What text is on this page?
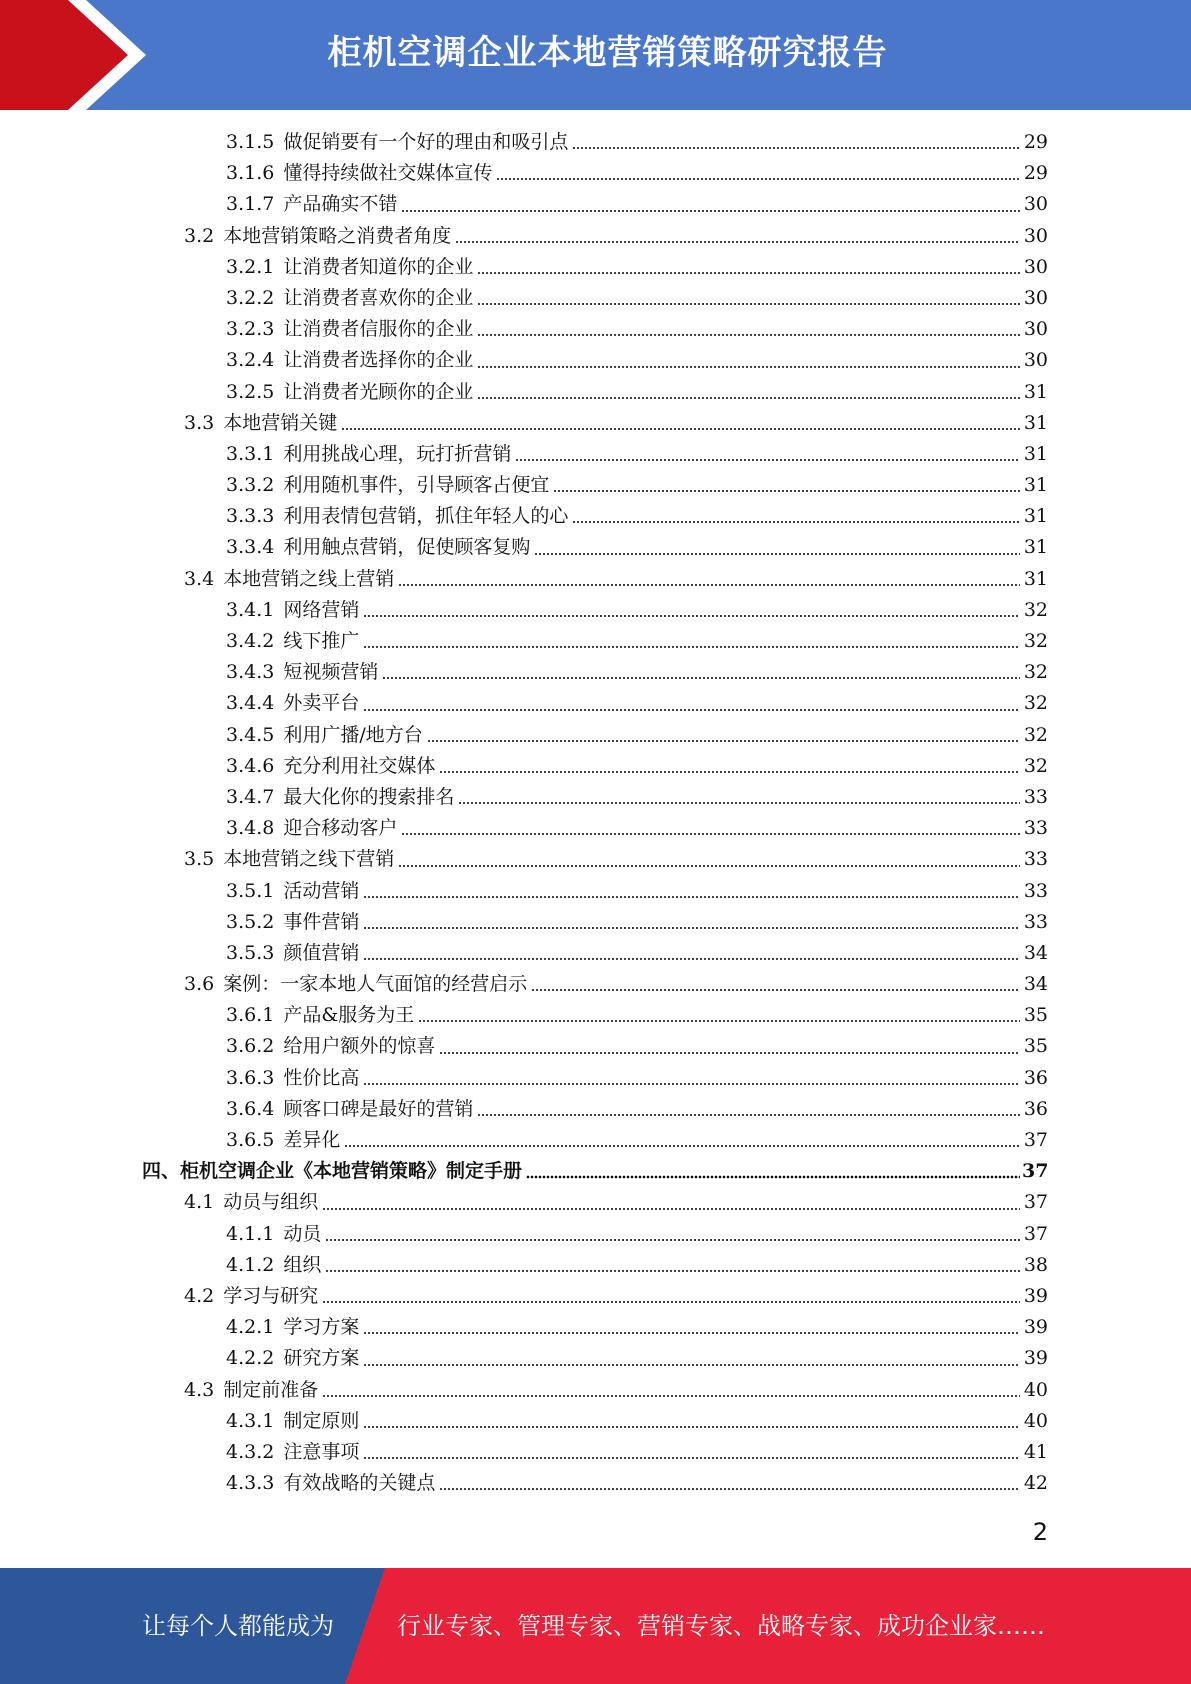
柜机空调企业本地营销策略研究报告
3.1.5 做促销要有一个好的理由和吸引点	29
3.1.6 懂得持续做社交媒体宣传	29
3.1.7 产品确实不错	30
3.2 本地营销策略之消费者角度	30
3.2.1 让消费者知道你的企业	30
3.2.2 让消费者喜欢你的企业	30
3.2.3 让消费者信服你的企业	30
3.2.4 让消费者选择你的企业	30
3.2.5 让消费者光顾你的企业	31
3.3 本地营销关键	31
3.3.1 利用挑战心理，玩打折营销	31
3.3.2 利用随机事件，引导顾客占便宜	31
3.3.3 利用表情包营销，抓住年轻人的心	31
3.3.4 利用触点营销，促使顾客复购	31
3.4 本地营销之线上营销	31
3.4.1 网络营销	32
3.4.2 线下推广	32
3.4.3 短视频营销	32
3.4.4 外卖平台	32
3.4.5 利用广播/地方台	32
3.4.6 充分利用社交媒体	32
3.4.7 最大化你的搜索排名	33
3.4.8 迎合移动客户	33
3.5 本地营销之线下营销	33
3.5.1 活动营销	33
3.5.2 事件营销	33
3.5.3 颜值营销	34
3.6 案例：一家本地人气面馆的经营启示	34
3.6.1 产品&服务为王	35
3.6.2 给用户额外的惊喜	35
3.6.3 性价比高	36
3.6.4 顾客口碑是最好的营销	36
3.6.5 差异化	37
四、柜机空调企业《本地营销策略》制定手册	37
4.1 动员与组织	37
4.1.1 动员	37
4.1.2 组织	38
4.2 学习与研究	39
4.2.1 学习方案	39
4.2.2 研究方案	39
4.3 制定前准备	40
4.3.1 制定原则	40
4.3.2 注意事项	41
4.3.3 有效战略的关键点	42
2
让每个人都能成为	行业专家、管理专家、营销专家、战略专家、成功企业家……
